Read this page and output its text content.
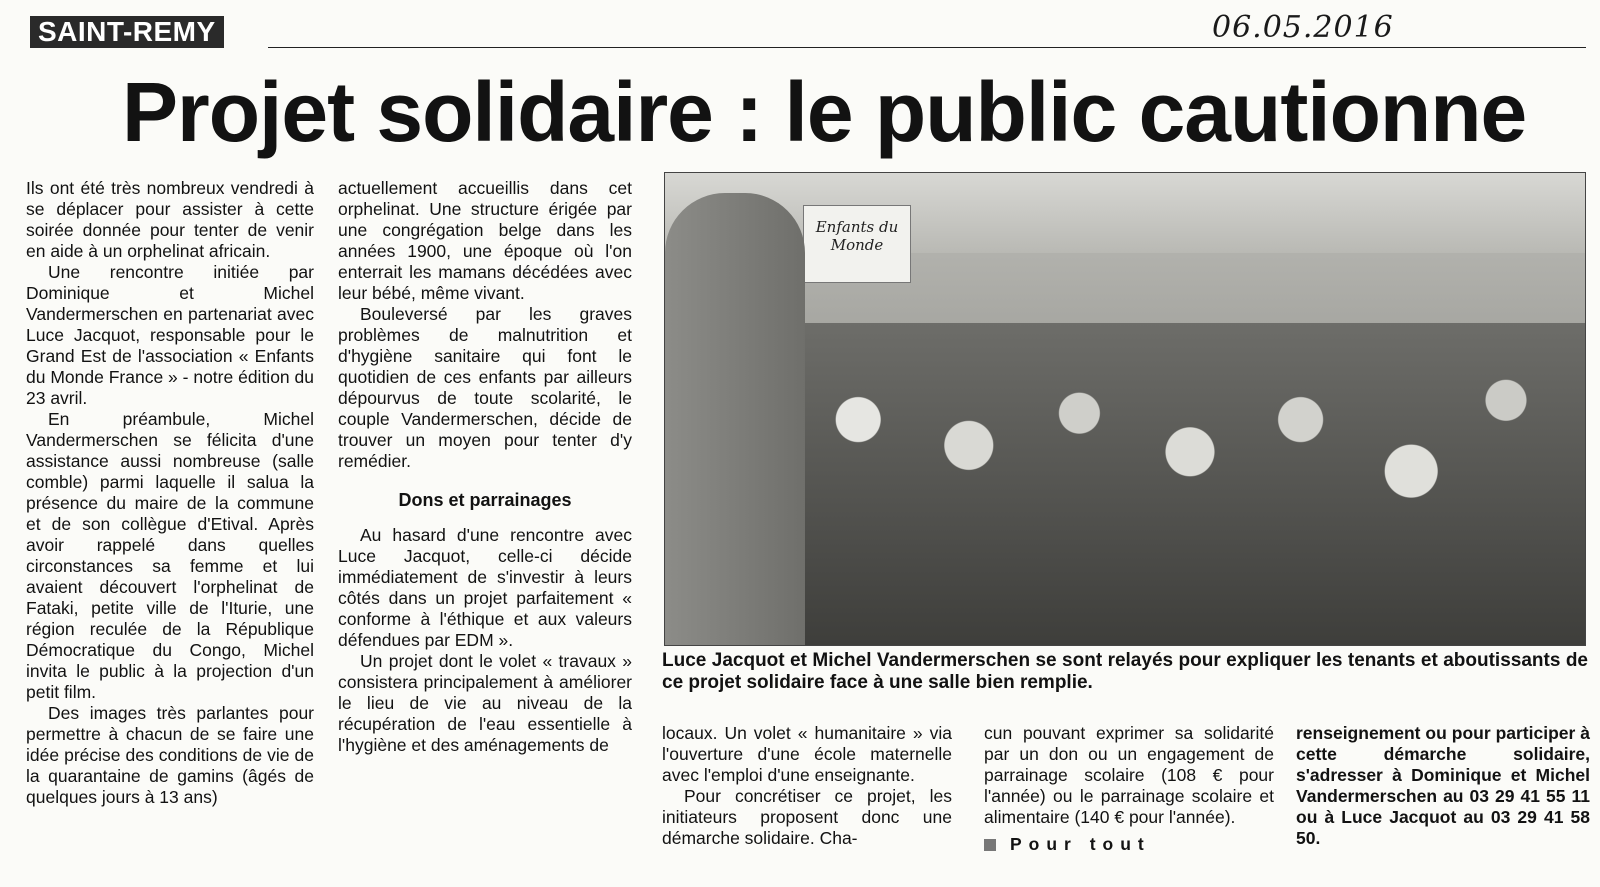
SAINT-REMY	06.05.2016
Projet solidaire : le public cautionne

Ils ont été très nombreux vendredi à se déplacer pour assister à cette soirée donnée pour tenter de venir en aide à un orphelinat africain.

Une rencontre initiée par Dominique et Michel Vandermerschen en partenariat avec Luce Jacquot, responsable pour le Grand Est de l'association « Enfants du Monde France » - notre édition du 23 avril.

En préambule, Michel Vandermerschen se félicita d'une assistance aussi nombreuse (salle comble) parmi laquelle il salua la présence du maire de la commune et de son collègue d'Etival. Après avoir rappelé dans quelles circonstances sa femme et lui avaient découvert l'orphelinat de Fataki, petite ville de l'Iturie, une région reculée de la République Démocratique du Congo, Michel invita le public à la projection d'un petit film.

Des images très parlantes pour permettre à chacun de se faire une idée précise des conditions de vie de la quarantaine de gamins (âgés de quelques jours à 13 ans)

actuellement accueillis dans cet orphelinat. Une structure érigée par une congrégation belge dans les années 1900, une époque où l'on enterrait les mamans décédées avec leur bébé, même vivant.

Bouleversé par les graves problèmes de malnutrition et d'hygiène sanitaire qui font le quotidien de ces enfants par ailleurs dépourvus de toute scolarité, le couple Vandermerschen, décide de trouver un moyen pour tenter d'y remédier.

Dons et parrainages

Au hasard d'une rencontre avec Luce Jacquot, celle-ci décide immédiatement de s'investir à leurs côtés dans un projet parfaitement « conforme à l'éthique et aux valeurs défendues par EDM ».

Un projet dont le volet « travaux » consistera principalement à améliorer le lieu de vie au niveau de la récupération de l'eau essentielle à l'hygiène et des aménagements de

Enfants du Monde
Luce Jacquot et Michel Vandermerschen se sont relayés pour expliquer les tenants et aboutissants de ce projet solidaire face à une salle bien remplie.

locaux. Un volet « humanitaire » via l'ouverture d'une école maternelle avec l'emploi d'une enseignante.

Pour concrétiser ce projet, les initiateurs proposent donc une démarche solidaire. Cha-

cun pouvant exprimer sa solidarité par un don ou un engagement de parrainage scolaire (108 € pour l'année) ou le parrainage scolaire et alimentaire (140 € pour l'année).

Pour tout

renseignement ou pour participer à cette démarche solidaire, s'adresser à Dominique et Michel Vandermerschen au 03 29 41 55 11 ou à Luce Jacquot au 03 29 41 58 50.
